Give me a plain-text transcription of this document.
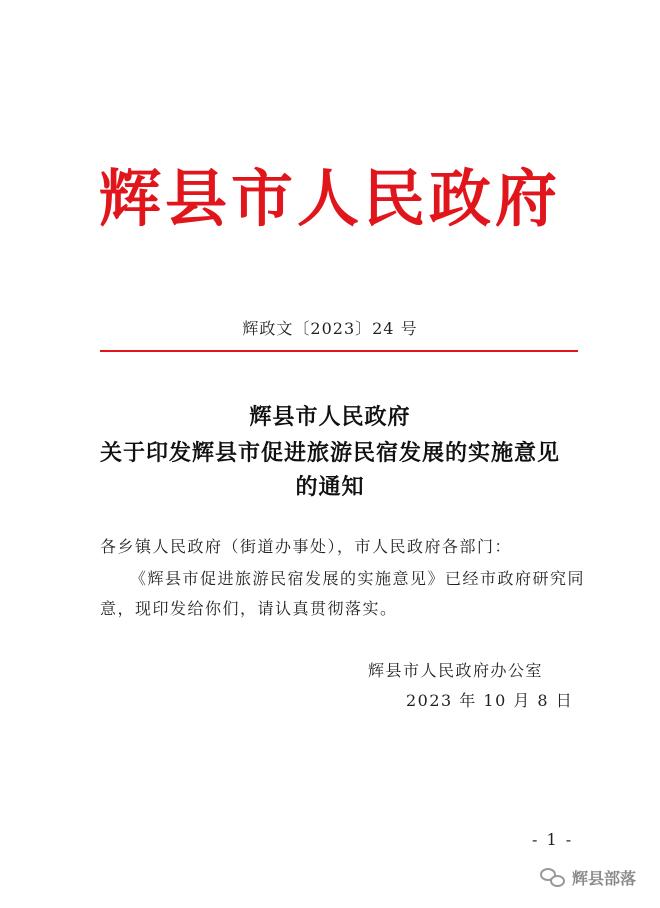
辉县市人民政府
辉政文〔2023〕24 号
辉县市人民政府
关于印发辉县市促进旅游民宿发展的实施意见
的通知
各乡镇人民政府（街道办事处），市人民政府各部门：
《辉县市促进旅游民宿发展的实施意见》已经市政府研究同
意，现印发给你们，请认真贯彻落实。
辉县市人民政府办公室
2023 年 10 月 8 日
- 1 -
辉县部落
